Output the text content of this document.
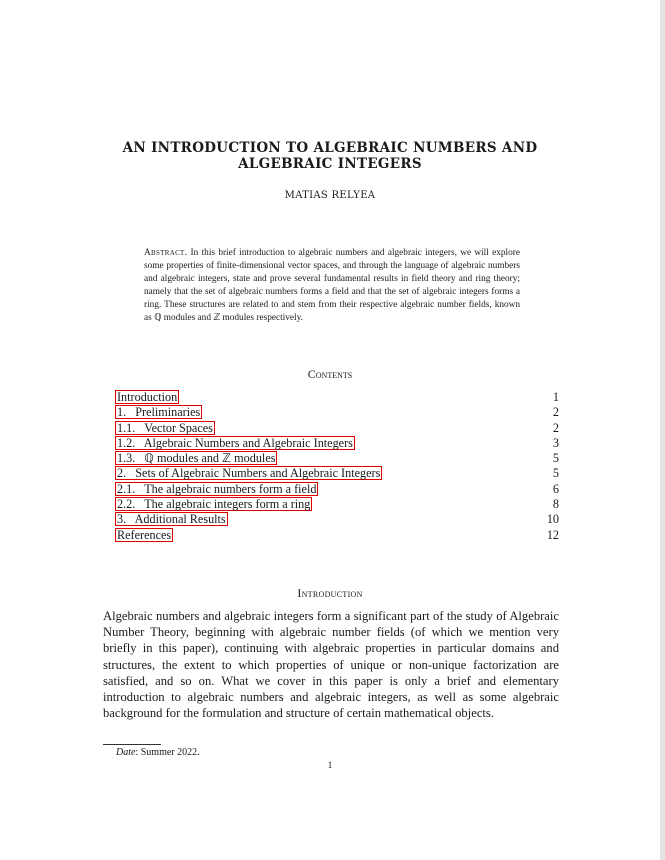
AN INTRODUCTION TO ALGEBRAIC NUMBERS AND
ALGEBRAIC INTEGERS
MATIAS RELYEA
Abstract. In this brief introduction to algebraic numbers and algebraic integers, we will explore some properties of finite-dimensional vector spaces, and through the language of algebraic numbers and algebraic integers, state and prove several fundamental results in field theory and ring theory; namely that the set of algebraic numbers forms a field and that the set of algebraic integers forms a ring. These structures are related to and stem from their respective algebraic number fields, known as ℚ modules and ℤ modules respectively.
Contents
Introduction	1
1.   Preliminaries	2
1.1.   Vector Spaces	2
1.2.   Algebraic Numbers and Algebraic Integers	3
1.3.   ℚ modules and ℤ modules	5
2.   Sets of Algebraic Numbers and Algebraic Integers	5
2.1.   The algebraic numbers form a field	6
2.2.   The algebraic integers form a ring	8
3.   Additional Results	10
References	12
Introduction
Algebraic numbers and algebraic integers form a significant part of the study of Algebraic Number Theory, beginning with algebraic number fields (of which we mention very briefly in this paper), continuing with algebraic properties in particular domains and structures, the extent to which properties of unique or non-unique factorization are satisfied, and so on. What we cover in this paper is only a brief and elementary introduction to algebraic numbers and algebraic integers, as well as some algebraic background for the formulation and structure of certain mathematical objects.
Date: Summer 2022.
1
